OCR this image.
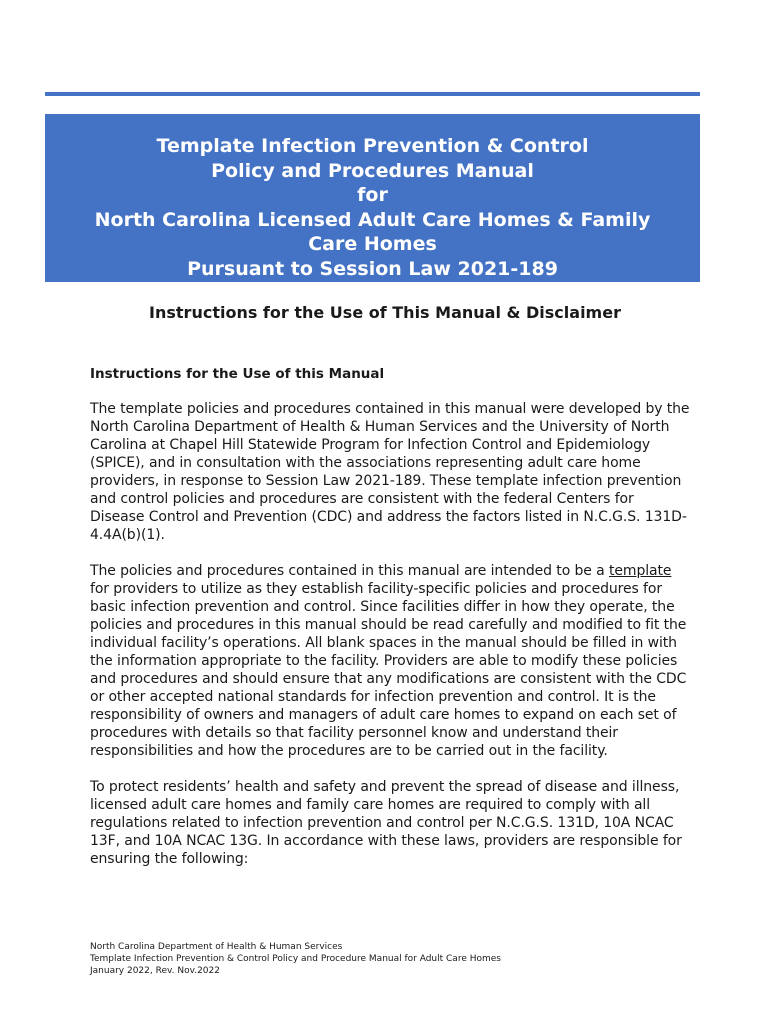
Template Infection Prevention & Control
Policy and Procedures Manual
for
North Carolina Licensed Adult Care Homes & Family
Care Homes
Pursuant to Session Law 2021-189
Instructions for the Use of This Manual & Disclaimer

Instructions for the Use of this Manual

The template policies and procedures contained in this manual were developed by the North Carolina Department of Health & Human Services and the University of North Carolina at Chapel Hill Statewide Program for Infection Control and Epidemiology (SPICE), and in consultation with the associations representing adult care home providers, in response to Session Law 2021-189. These template infection prevention and control policies and procedures are consistent with the federal Centers for Disease Control and Prevention (CDC) and address the factors listed in N.C.G.S. 131D-4.4A(b)(1).

The policies and procedures contained in this manual are intended to be a template for providers to utilize as they establish facility-specific policies and procedures for basic infection prevention and control. Since facilities differ in how they operate, the policies and procedures in this manual should be read carefully and modified to fit the individual facility’s operations. All blank spaces in the manual should be filled in with the information appropriate to the facility. Providers are able to modify these policies and procedures and should ensure that any modifications are consistent with the CDC or other accepted national standards for infection prevention and control. It is the responsibility of owners and managers of adult care homes to expand on each set of procedures with details so that facility personnel know and understand their responsibilities and how the procedures are to be carried out in the facility.

To protect residents’ health and safety and prevent the spread of disease and illness, licensed adult care homes and family care homes are required to comply with all regulations related to infection prevention and control per N.C.G.S. 131D, 10A NCAC 13F, and 10A NCAC 13G. In accordance with these laws, providers are responsible for ensuring the following:

North Carolina Department of Health & Human Services
Template Infection Prevention & Control Policy and Procedure Manual for Adult Care Homes
January 2022, Rev. Nov.2022
